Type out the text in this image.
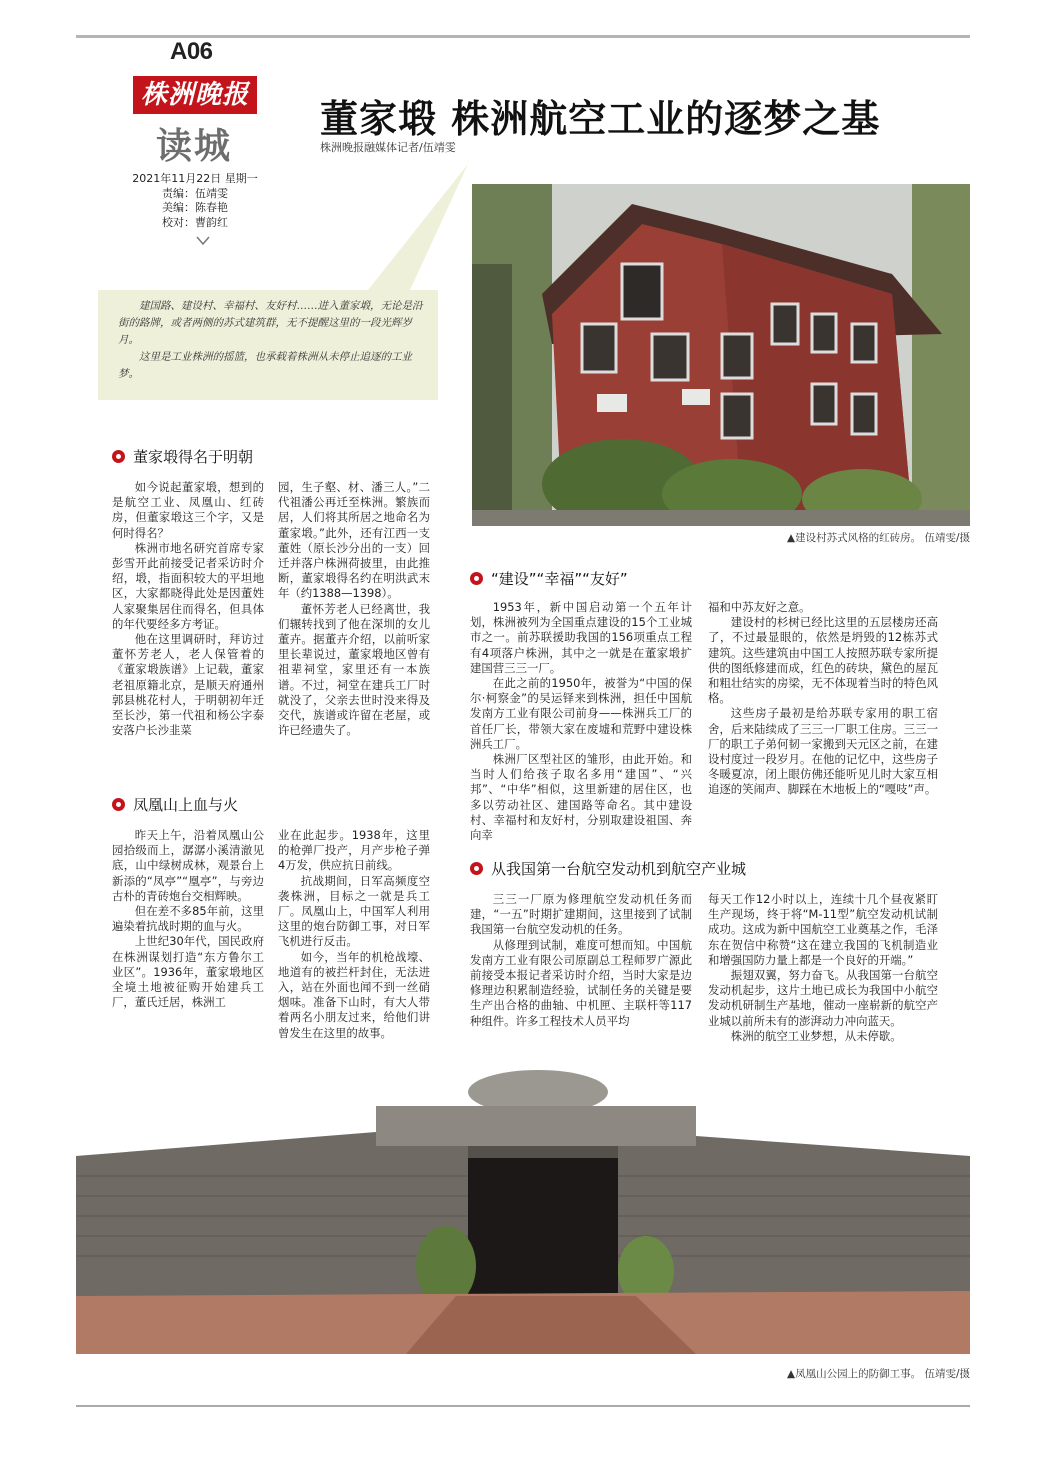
A06
株洲晚报
读城
2021年11月22日 星期一
责编：伍靖雯
美编：陈春艳
校对：曹韵红
董家塅 株洲航空工业的逐梦之基
株洲晚报融媒体记者/伍靖雯

建国路、建设村、幸福村、友好村……进入董家塅，无论是沿街的路牌，或者两侧的苏式建筑群，无不提醒这里的一段光辉岁月。

这里是工业株洲的摇篮，也承载着株洲从未停止追逐的工业梦。

▲建设村苏式风格的红砖房。 伍靖雯/摄
董家塅得名于明朝

如今说起董家塅，想到的是航空工业、凤凰山、红砖房，但董家塅这三个字，又是何时得名？

株洲市地名研究首席专家彭雪开此前接受记者采访时介绍，塅，指面积较大的平坦地区，大家都晓得此处是因董姓人家聚集居住而得名，但具体的年代要经多方考证。

他在这里调研时，拜访过董怀芳老人，老人保管着的《董家塅族谱》上记载，董家老祖原籍北京，是顺天府通州郭县桃花村人，于明朝初年迁至长沙，第一代祖和杨公字泰安落户长沙韭菜

园，生子壑、材、潘三人。”二代祖潘公再迁至株洲。繁族而居，人们将其所居之地命名为董家塅。”此外，还有江西一支董姓（原长沙分出的一支）回迁并落户株洲荷披里，由此推断，董家塅得名约在明洪武末年（约1388—1398）。

董怀芳老人已经离世，我们辗转找到了他在深圳的女儿董卉。据董卉介绍，以前听家里长辈说过，董家塅地区曾有祖辈祠堂，家里还有一本族谱。不过，祠堂在建兵工厂时就没了，父亲去世时没来得及交代，族谱或许留在老屋，或许已经遗失了。

凤凰山上血与火

昨天上午，沿着凤凰山公园拾级而上，潺潺小溪清澈见底，山中绿树成林，观景台上新添的“凤亭”“凰亭”，与旁边古朴的青砖炮台交相辉映。

但在差不多85年前，这里遍染着抗战时期的血与火。

上世纪30年代，国民政府在株洲谋划打造“东方鲁尔工业区”。1936年，董家塅地区全境土地被征购开始建兵工厂，董氏迁居，株洲工

业在此起步。1938年，这里的枪弹厂投产，月产步枪子弹4万发，供应抗日前线。

抗战期间，日军高频度空袭株洲，目标之一就是兵工厂。凤凰山上，中国军人利用这里的炮台防御工事，对日军飞机进行反击。

如今，当年的机枪战壕、地道有的被拦杆封住，无法进入，站在外面也闻不到一丝硝烟味。准备下山时，有大人带着两名小朋友过来，给他们讲曾发生在这里的故事。

“建设”“幸福”“友好”

1953年，新中国启动第一个五年计划，株洲被列为全国重点建设的15个工业城市之一。前苏联援助我国的156项重点工程有4项落户株洲，其中之一就是在董家塅扩建国营三三一厂。

在此之前的1950年，被誉为“中国的保尔·柯察金”的吴运铎来到株洲，担任中国航发南方工业有限公司前身——株洲兵工厂的首任厂长，带领大家在废墟和荒野中建设株洲兵工厂。

株洲厂区型社区的雏形，由此开始。和当时人们给孩子取名多用“建国”、“兴邦”、“中华”相似，这里新建的居住区，也多以劳动社区、建国路等命名。其中建设村、幸福村和友好村，分别取建设祖国、奔向幸

福和中苏友好之意。

建设村的杉树已经比这里的五层楼房还高了，不过最显眼的，依然是坍毁的12栋苏式建筑。这些建筑由中国工人按照苏联专家所提供的图纸修建而成，红色的砖块，黛色的屋瓦和粗壮结实的房梁，无不体现着当时的特色风格。

这些房子最初是给苏联专家用的职工宿舍，后来陆续成了三三一厂职工住房。三三一厂的职工子弟何韧一家搬到天元区之前，在建设村度过一段岁月。在他的记忆中，这些房子冬暖夏凉，闭上眼仿佛还能听见儿时大家互相追逐的笑闹声、脚踩在木地板上的“嘎吱”声。

从我国第一台航空发动机到航空产业城

三三一厂原为修理航空发动机任务而建，“一五”时期扩建期间，这里接到了试制我国第一台航空发动机的任务。

从修理到试制，难度可想而知。中国航发南方工业有限公司原副总工程师罗广源此前接受本报记者采访时介绍，当时大家是边修理边积累制造经验，试制任务的关键是要生产出合格的曲轴、中机匣、主联杆等117种组件。许多工程技术人员平均

每天工作12小时以上，连续十几个昼夜紧盯生产现场，终于将“M-11型”航空发动机试制成功。这成为新中国航空工业奠基之作，毛泽东在贺信中称赞“这在建立我国的飞机制造业和增强国防力量上都是一个良好的开端。”

振翅双翼，努力奋飞。从我国第一台航空发动机起步，这片土地已成长为我国中小航空发动机研制生产基地，催动一座崭新的航空产业城以前所未有的澎湃动力冲向蓝天。

株洲的航空工业梦想，从未停歇。

▲凤凰山公园上的防御工事。 伍靖雯/摄
